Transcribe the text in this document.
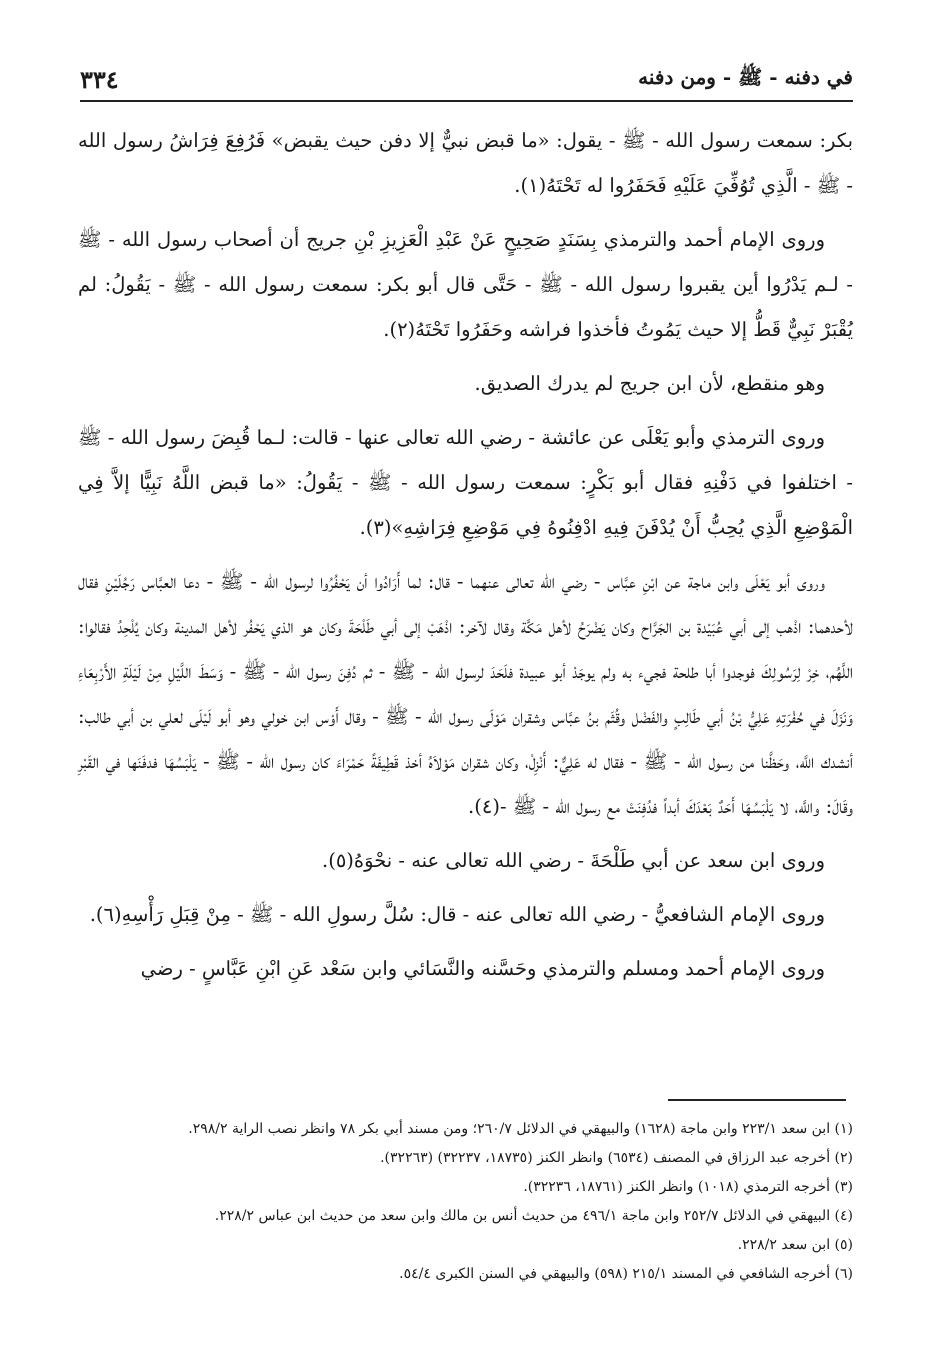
في دفنه - ﷺ - ومن دفنه
٣٣٤

بكر: سمعت رسول الله - ﷺ - يقول: «ما قبض نبيٌّ إلا دفن حيث يقبض» فَرُفِعَ فِرَاشُ رسول الله - ﷺ - الَّذِي تُوُفِّيَ عَلَيْهِ فَحَفَرُوا له تَحْتَهُ(١).

وروى الإمام أحمد والترمذي بِسَنَدٍ صَحِيحٍ عَنْ عَبْدِ الْعَزِيزِ بْنِ جريج أن أصحاب رسول الله - ﷺ - لـم يَدْرُوا أين يقبروا رسول الله - ﷺ - حَتَّى قال أبو بكر: سمعت رسول الله - ﷺ - يَقُولُ: لم يُقْبَرْ نَبِيٌّ قَطُّ إلا حيث يَمُوتُ فأخذوا فراشه وحَفَرُوا تَحْتَهُ(٢).

وهو منقطع، لأن ابن جريج لم يدرك الصديق.

وروى الترمذي وأبو يَعْلَى عن عائشة - رضي الله تعالى عنها - قالت: لـما قُبِضَ رسول الله - ﷺ - اختلفوا في دَفْنِهِ فقال أبو بَكْرٍ: سمعت رسول الله - ﷺ - يَقُولُ: «ما قبض اللَّهُ نَبِيًّا إلاَّ فِي الْمَوْضِعِ الَّذِي يُحِبُّ أَنْ يُدْفَنَ فِيهِ ادْفِنُوهُ فِي مَوْضِعِ فِرَاشِهِ»(٣).

وروى أبو يَعْلَى وابن ماجة عن ابْنِ عبَّاس - رضي الله تعالى عنهما - قال: لما أَرَادُوا أن يَحْفُرُوا لرسول الله - ﷺ - دعا العبَّاس رَجُلَيْنِ فقال لأحدهما: اذْهب إلى أبي عُبَيْدة بن الجَرَّاح وكان يَضْرَحُ لأهل مَكَّة وقال لآخر: اذْهَبْ إلى أبي طَلْحَةَ وكان هو الذي يَحْفُر لأهل المدينة وكان يُلْحِدُ فقالوا: اللَّهُم، خِرْ لِرَسُولِكَ فوجدوا أبا طلحة فجيء به ولم يوجَدْ أبو عبيدة فلَحَدَ لرسول الله - ﷺ - ثم دُفِنَ رسول الله - ﷺ - وَسَطَ اللَّيْلِ مِنْ لَيْلَةِ الأَرْبِعَاءِ وَنَزَلَ في حُفْرَتِهِ عَلِيُّ بْنُ أبي طَالِبٍ والفَضْل وقُثَم بنُ عبَّاس وشقران مَوْلَى رسول الله - ﷺ - وقال أَوْس ابن خولي وهو أبو لَيْلَى لعلي بن أبي طالب: أنشدك اللَّه، وحَظَّنا من رسول الله - ﷺ - فقال له عَلِيٌّ: أَنْزِلْ، وكان شقران مَوْلاَهُ أخذ قَطِيفَةً حَمْرَاءَ كان رسول الله - ﷺ - يَلْبَسُهَا فدفَنَها في القَبْرِ وقَالَ: واللَّه، لا يَلْبَسُهَا أَحَدٌ بَعْدَكَ أبداً فدُفِنَتْ مع رسول الله - ﷺ -(٤).

وروى ابن سعد عن أبي طَلْحَةَ - رضي الله تعالى عنه - نحْوَهُ(٥).

وروى الإمام الشافعيُّ - رضي الله تعالى عنه - قال: سُلَّ رسولِ الله - ﷺ - مِنْ قِبَلِ رَأْسِهِ(٦).

وروى الإمام أحمد ومسلم والترمذي وحَسَّنه والنَّسَائي وابن سَعْد عَنِ ابْنِ عَبَّاسٍ - رضي

(١) ابن سعد ٢٢٣/١ وابن ماجة (١٦٢٨) والبيهقي في الدلائل ٢٦٠/٧؛ ومن مسند أبي بكر ٧٨ وانظر نصب الراية ٢٩٨/٢.

(٢) أخرجه عبد الرزاق في المصنف (٦٥٣٤) وانظر الكنز (١٨٧٣٥، ٣٢٢٣٧) (٣٢٢٦٣).

(٣) أخرجه الترمذي (١٠١٨) وانظر الكنز (١٨٧٦١، ٣٢٢٣٦).

(٤) البيهقي في الدلائل ٢٥٢/٧ وابن ماجة ٤٩٦/١ من حديث أنس بن مالك وابن سعد من حديث ابن عباس ٢٢٨/٢.

(٥) ابن سعد ٢٢٨/٢.

(٦) أخرجه الشافعي في المسند ٢١٥/١ (٥٩٨) والبيهقي في السنن الكبرى ٥٤/٤.
